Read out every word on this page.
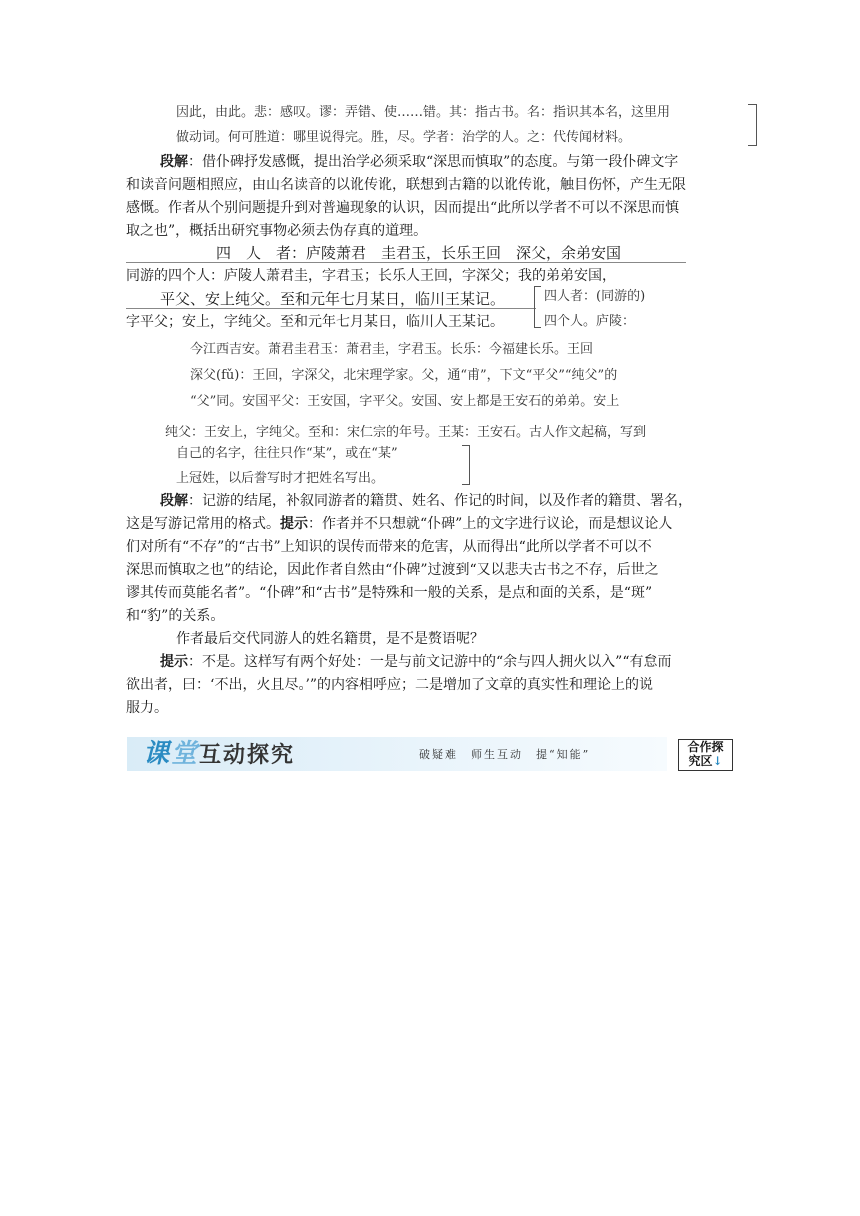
因此，由此。悲：感叹。谬：弄错、使……错。其：指古书。名：指识其本名，这里用
做动词。何可胜道：哪里说得完。胜，尽。学者：治学的人。之：代传闻材料。
段解：借仆碑抒发感慨，提出治学必须采取“深思而慎取”的态度。与第一段仆碑文字
和读音问题相照应，由山名读音的以讹传讹，联想到古籍的以讹传讹，触目伤怀，产生无限
感慨。作者从个别问题提升到对普遍现象的认识，因而提出“此所以学者不可以不深思而慎
取之也”，概括出研究事物必须去伪存真的道理。
四　人　者：庐陵萧君　圭君玉，长乐王回　深父，余弟安国
同游的四个人：庐陵人萧君圭，字君玉；长乐人王回，字深父；我的弟弟安国，
平父、安上纯父。至和元年七月某日，临川王某记。
字平父；安上，字纯父。至和元年七月某日，临川人王某记。
四人者：(同游的)
四个人。庐陵：
今江西吉安。萧君圭君玉：萧君圭，字君玉。长乐：今福建长乐。王回
深父(fǔ)：王回，字深父，北宋理学家。父，通“甫”，下文“平父”“纯父”的
“父”同。安国平父：王安国，字平父。安国、安上都是王安石的弟弟。安上
纯父：王安上，字纯父。至和：宋仁宗的年号。王某：王安石。古人作文起稿，写到
自己的名字，往往只作“某”，或在“某”
上冠姓，以后誊写时才把姓名写出。
段解：记游的结尾，补叙同游者的籍贯、姓名、作记的时间，以及作者的籍贯、署名，
这是写游记常用的格式。提示：作者并不只想就“仆碑”上的文字进行议论，而是想议论人
们对所有“不存”的“古书”上知识的误传而带来的危害，从而得出“此所以学者不可以不
深思而慎取之也”的结论，因此作者自然由“仆碑”过渡到“又以悲夫古书之不存，后世之
谬其传而莫能名者”。“仆碑”和“古书”是特殊和一般的关系，是点和面的关系，是“斑”
和“豹”的关系。
作者最后交代同游人的姓名籍贯，是不是赘语呢？
提示：不是。这样写有两个好处：一是与前文记游中的“余与四人拥火以入”“有怠而
欲出者，曰：‘不出，火且尽。’”的内容相呼应；二是增加了文章的真实性和理论上的说
服力。
课堂互动探究	破疑难　师生互动　提“知能”
合作探
究区↓
